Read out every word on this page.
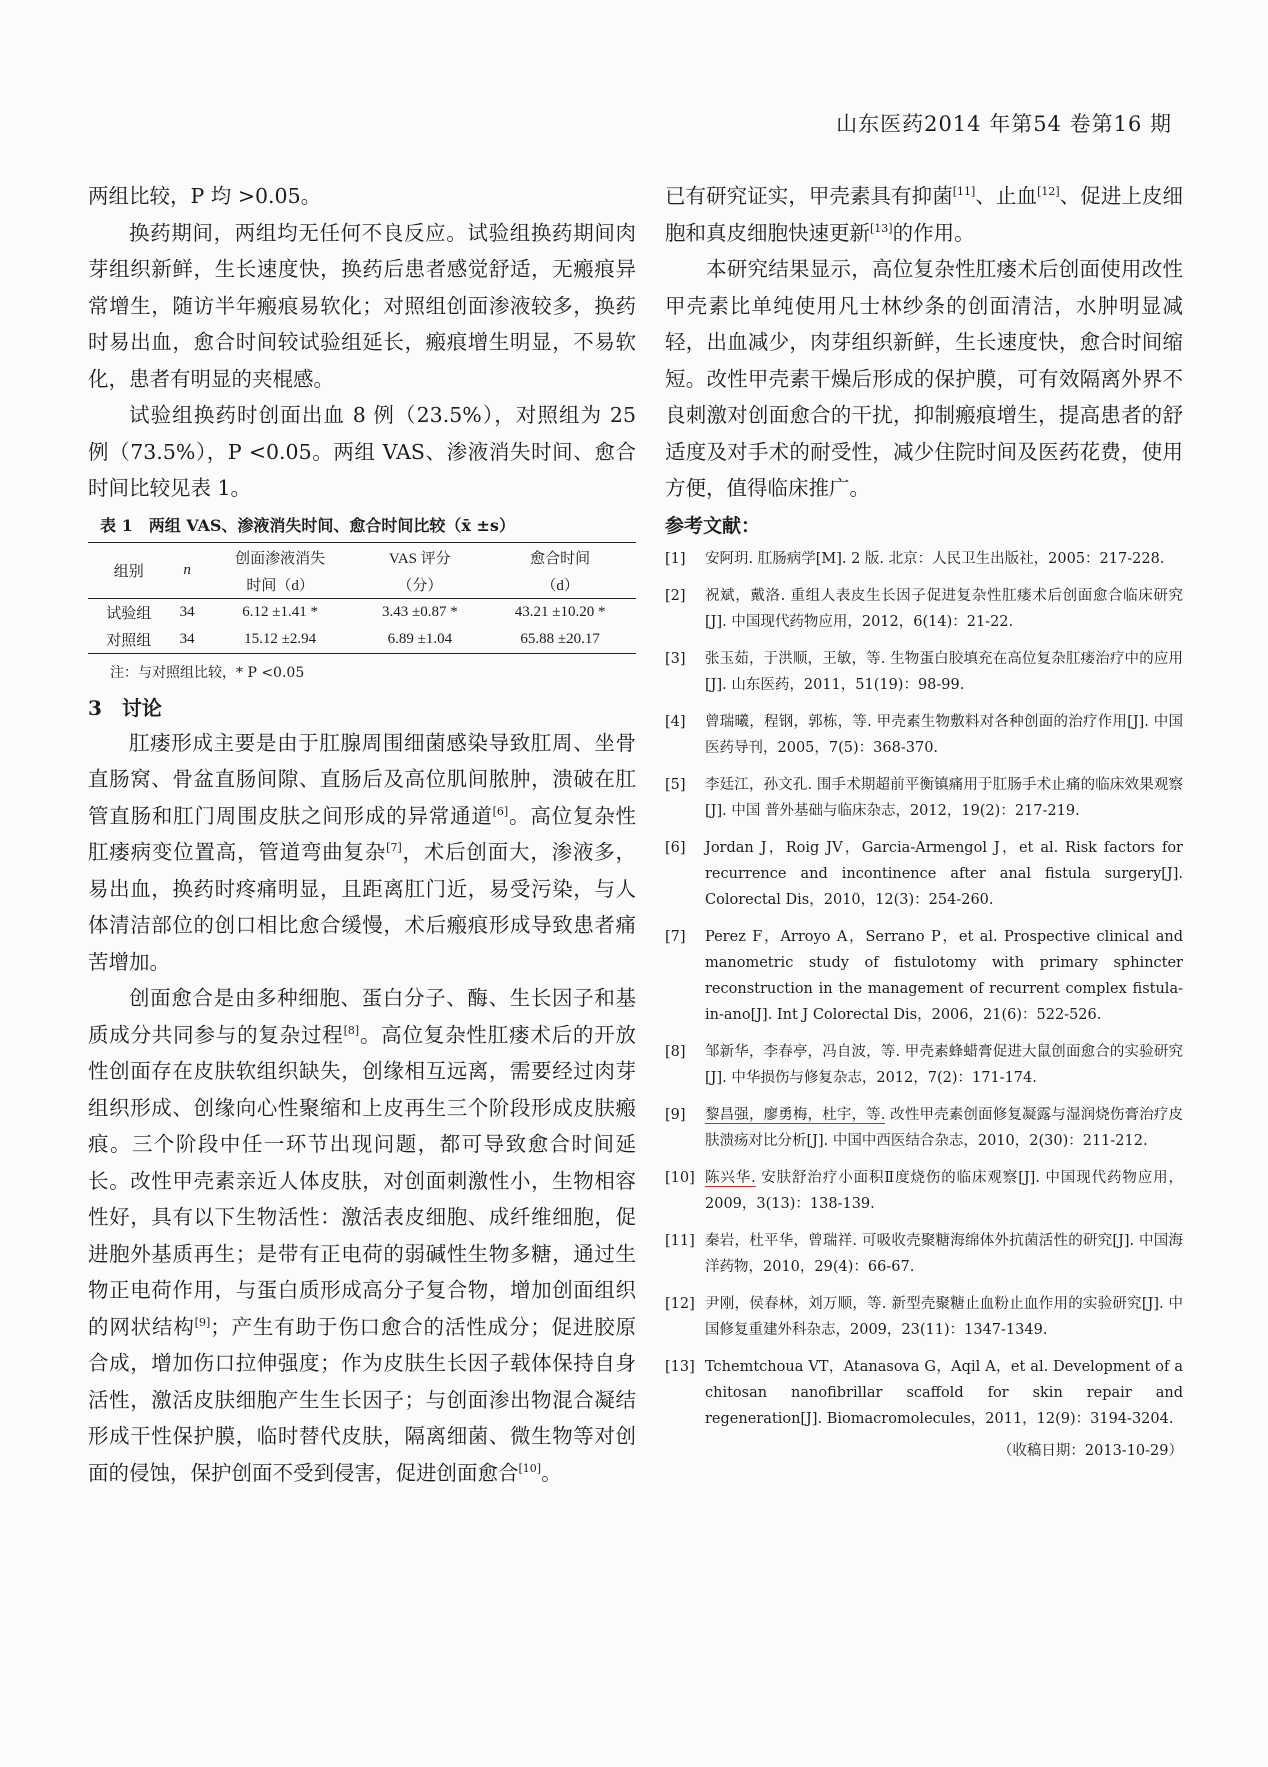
山东医药2014 年第54 卷第16 期

两组比较，P 均 >0.05。

换药期间，两组均无任何不良反应。试验组换药期间肉芽组织新鲜，生长速度快，换药后患者感觉舒适，无瘢痕异常增生，随访半年瘢痕易软化；对照组创面渗液较多，换药时易出血，愈合时间较试验组延长，瘢痕增生明显，不易软化，患者有明显的夹棍感。

试验组换药时创面出血 8 例（23.5%），对照组为 25 例（73.5%），P <0.05。两组 VAS、渗液消失时间、愈合时间比较见表 1。

表 1　两组 VAS、渗液消失时间、愈合时间比较（x̄ ±s）
组别	n	创面渗液消失	VAS 评分	愈合时间
		时间（d）	（分）	（d）
试验组	34	6.12 ±1.41 *	3.43 ±0.87 *	43.21 ±10.20 *
对照组	34	15.12 ±2.94	6.89 ±1.04	65.88 ±20.17
注：与对照组比较，* P <0.05
3　讨论

肛瘘形成主要是由于肛腺周围细菌感染导致肛周、坐骨直肠窝、骨盆直肠间隙、直肠后及高位肌间脓肿，溃破在肛管直肠和肛门周围皮肤之间形成的异常通道[6]。高位复杂性肛瘘病变位置高，管道弯曲复杂[7]，术后创面大，渗液多，易出血，换药时疼痛明显，且距离肛门近，易受污染，与人体清洁部位的创口相比愈合缓慢，术后瘢痕形成导致患者痛苦增加。

创面愈合是由多种细胞、蛋白分子、酶、生长因子和基质成分共同参与的复杂过程[8]。高位复杂性肛瘘术后的开放性创面存在皮肤软组织缺失，创缘相互远离，需要经过肉芽组织形成、创缘向心性聚缩和上皮再生三个阶段形成皮肤瘢痕。三个阶段中任一环节出现问题，都可导致愈合时间延长。改性甲壳素亲近人体皮肤，对创面刺激性小，生物相容性好，具有以下生物活性：激活表皮细胞、成纤维细胞，促进胞外基质再生；是带有正电荷的弱碱性生物多糖，通过生物正电荷作用，与蛋白质形成高分子复合物，增加创面组织的网状结构[9]；产生有助于伤口愈合的活性成分；促进胶原合成，增加伤口拉伸强度；作为皮肤生长因子载体保持自身活性，激活皮肤细胞产生生长因子；与创面渗出物混合凝结形成干性保护膜，临时替代皮肤，隔离细菌、微生物等对创面的侵蚀，保护创面不受到侵害，促进创面愈合[10]。

已有研究证实，甲壳素具有抑菌[11]、止血[12]、促进上皮细胞和真皮细胞快速更新[13]的作用。

本研究结果显示，高位复杂性肛瘘术后创面使用改性甲壳素比单纯使用凡士林纱条的创面清洁，水肿明显减轻，出血减少，肉芽组织新鲜，生长速度快，愈合时间缩短。改性甲壳素干燥后形成的保护膜，可有效隔离外界不良刺激对创面愈合的干扰，抑制瘢痕增生，提高患者的舒适度及对手术的耐受性，减少住院时间及医药花费，使用方便，值得临床推广。

参考文献：
[1] 安阿玥. 肛肠病学[M]. 2 版. 北京：人民卫生出版社，2005：217-228.
[2] 祝斌，戴洛. 重组人表皮生长因子促进复杂性肛瘘术后创面愈合临床研究[J]. 中国现代药物应用，2012，6(14)：21-22.
[3] 张玉茹，于洪顺，王敏，等. 生物蛋白胶填充在高位复杂肛瘘治疗中的应用[J]. 山东医药，2011，51(19)：98-99.
[4] 曾瑞曦，程钢，郭栋，等. 甲壳素生物敷料对各种创面的治疗作用[J]. 中国医药导刊，2005，7(5)：368-370.
[5] 李廷江，孙文孔. 围手术期超前平衡镇痛用于肛肠手术止痛的临床效果观察[J]. 中国 普外基础与临床杂志，2012，19(2)：217-219.
[6] Jordan J，Roig JV，Garcia-Armengol J，et al. Risk factors for recurrence and incontinence after anal fistula surgery[J]. Colorectal Dis，2010，12(3)：254-260.
[7] Perez F，Arroyo A，Serrano P，et al. Prospective clinical and manometric study of fistulotomy with primary sphincter reconstruction in the management of recurrent complex fistula-in-ano[J]. Int J Colorectal Dis，2006，21(6)：522-526.
[8] 邹新华，李春亭，冯自波，等. 甲壳素蜂蜡膏促进大鼠创面愈合的实验研究[J]. 中华损伤与修复杂志，2012，7(2)：171-174.
[9] 黎昌强，廖勇梅，杜宇，等. 改性甲壳素创面修复凝露与湿润烧伤膏治疗皮肤溃疡对比分析[J]. 中国中西医结合杂志，2010，2(30)：211-212.
[10] 陈兴华. 安肤舒治疗小面积Ⅱ度烧伤的临床观察[J]. 中国现代药物应用，2009，3(13)：138-139.
[11] 秦岩，杜平华，曾瑞祥. 可吸收壳聚糖海绵体外抗菌活性的研究[J]. 中国海洋药物，2010，29(4)：66-67.
[12] 尹刚，侯春林，刘万顺，等. 新型壳聚糖止血粉止血作用的实验研究[J]. 中国修复重建外科杂志，2009，23(11)：1347-1349.
[13] Tchemtchoua VT，Atanasova G，Aqil A，et al. Development of a chitosan nanofibrillar scaffold for skin repair and regeneration[J]. Biomacromolecules，2011，12(9)：3194-3204.
（收稿日期：2013-10-29）
